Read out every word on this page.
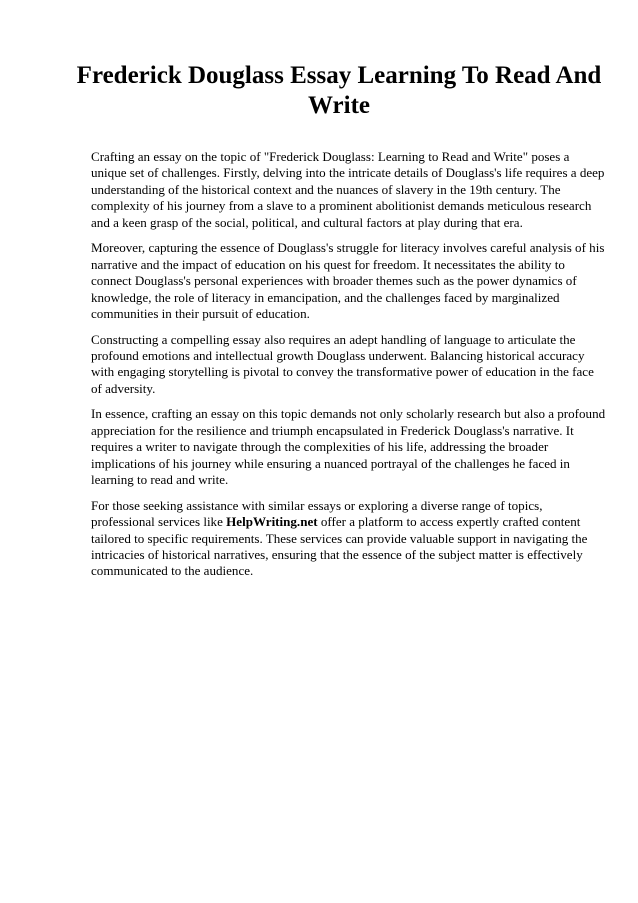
Frederick Douglass Essay Learning To Read And Write

Crafting an essay on the topic of "Frederick Douglass: Learning to Read and Write" poses a unique set of challenges. Firstly, delving into the intricate details of Douglass's life requires a deep understanding of the historical context and the nuances of slavery in the 19th century. The complexity of his journey from a slave to a prominent abolitionist demands meticulous research and a keen grasp of the social, political, and cultural factors at play during that era.

Moreover, capturing the essence of Douglass's struggle for literacy involves careful analysis of his narrative and the impact of education on his quest for freedom. It necessitates the ability to connect Douglass's personal experiences with broader themes such as the power dynamics of knowledge, the role of literacy in emancipation, and the challenges faced by marginalized communities in their pursuit of education.

Constructing a compelling essay also requires an adept handling of language to articulate the profound emotions and intellectual growth Douglass underwent. Balancing historical accuracy with engaging storytelling is pivotal to convey the transformative power of education in the face of adversity.

In essence, crafting an essay on this topic demands not only scholarly research but also a profound appreciation for the resilience and triumph encapsulated in Frederick Douglass's narrative. It requires a writer to navigate through the complexities of his life, addressing the broader implications of his journey while ensuring a nuanced portrayal of the challenges he faced in learning to read and write.

For those seeking assistance with similar essays or exploring a diverse range of topics, professional services like HelpWriting.net offer a platform to access expertly crafted content tailored to specific requirements. These services can provide valuable support in navigating the intricacies of historical narratives, ensuring that the essence of the subject matter is effectively communicated to the audience.
